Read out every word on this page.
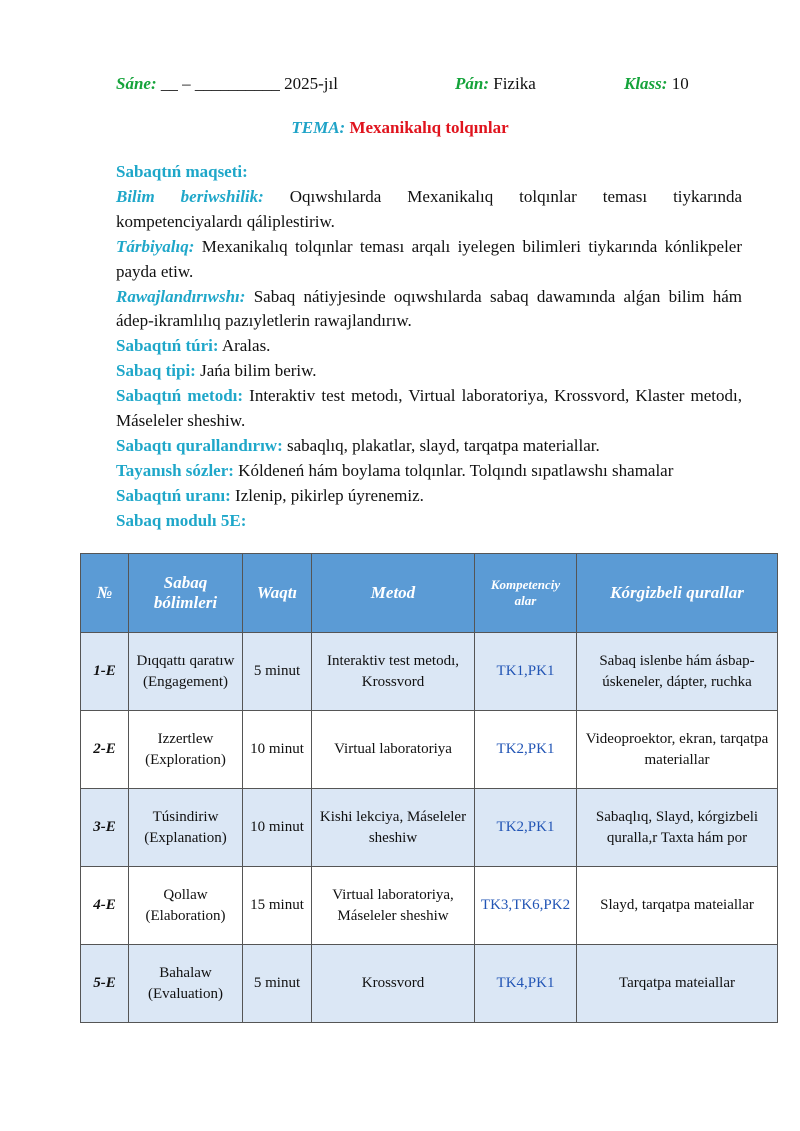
Sáne: __ – __________ 2025-jıl	Pán: Fizika	Klass: 10
TEMA: Mexanikalıq tolqınlar

Sabaqtıń maqseti:

Bilim beriwshilik: Oqıwshılarda Mexanikalıq tolqınlar teması tiykarında kompetenciyalardı qáliplestiriw.

Tárbiyalıq: Mexanikalıq tolqınlar teması arqalı iyelegen bilimleri tiykarında kónlikpeler payda etiw.

Rawajlandırıwshı: Sabaq nátiyjesinde oqıwshılarda sabaq dawamında alǵan bilim hám ádep-ikramlılıq pazıyletlerin rawajlandırıw.

Sabaqtıń túri: Aralas.

Sabaq tipi: Jańa bilim beriw.

Sabaqtıń metodı: Interaktiv test metodı, Virtual laboratoriya, Krossvord, Klaster metodı, Máseleler sheshiw.

Sabaqtı qurallandırıw: sabaqlıq, plakatlar, slayd, tarqatpa materiallar.

Tayanısh sózler: Kóldeneń hám boylama tolqınlar. Tolqındı sıpatlawshı shamalar

Sabaqtıń uranı: Izlenip, pikirlep úyrenemiz.

Sabaq modulı 5E:

№	Sabaq bólimleri	Waqtı	Metod	Kompetenciy alar	Kórgizbeli qurallar
1-E	Dıqqattı qaratıw (Engagement)	5 minut	Interaktiv test metodı, Krossvord	TK1,PK1	Sabaq islenbe hám ásbap-úskeneler, dápter, ruchka
2-E	Izzertlew (Exploration)	10 minut	Virtual laboratoriya	TK2,PK1	Videoproektor, ekran, tarqatpa materiallar
3-E	Túsindiriw (Explanation)	10 minut	Kishi lekciya, Máseleler sheshiw	TK2,PK1	Sabaqlıq, Slayd, kórgizbeli quralla,r Taxta hám por
4-E	Qollaw (Elaboration)	15 minut	Virtual laboratoriya, Máseleler sheshiw	TK3,TK6,PK2	Slayd, tarqatpa mateiallar
5-E	Bahalaw (Evaluation)	5 minut	Krossvord	TK4,PK1	Tarqatpa mateiallar
